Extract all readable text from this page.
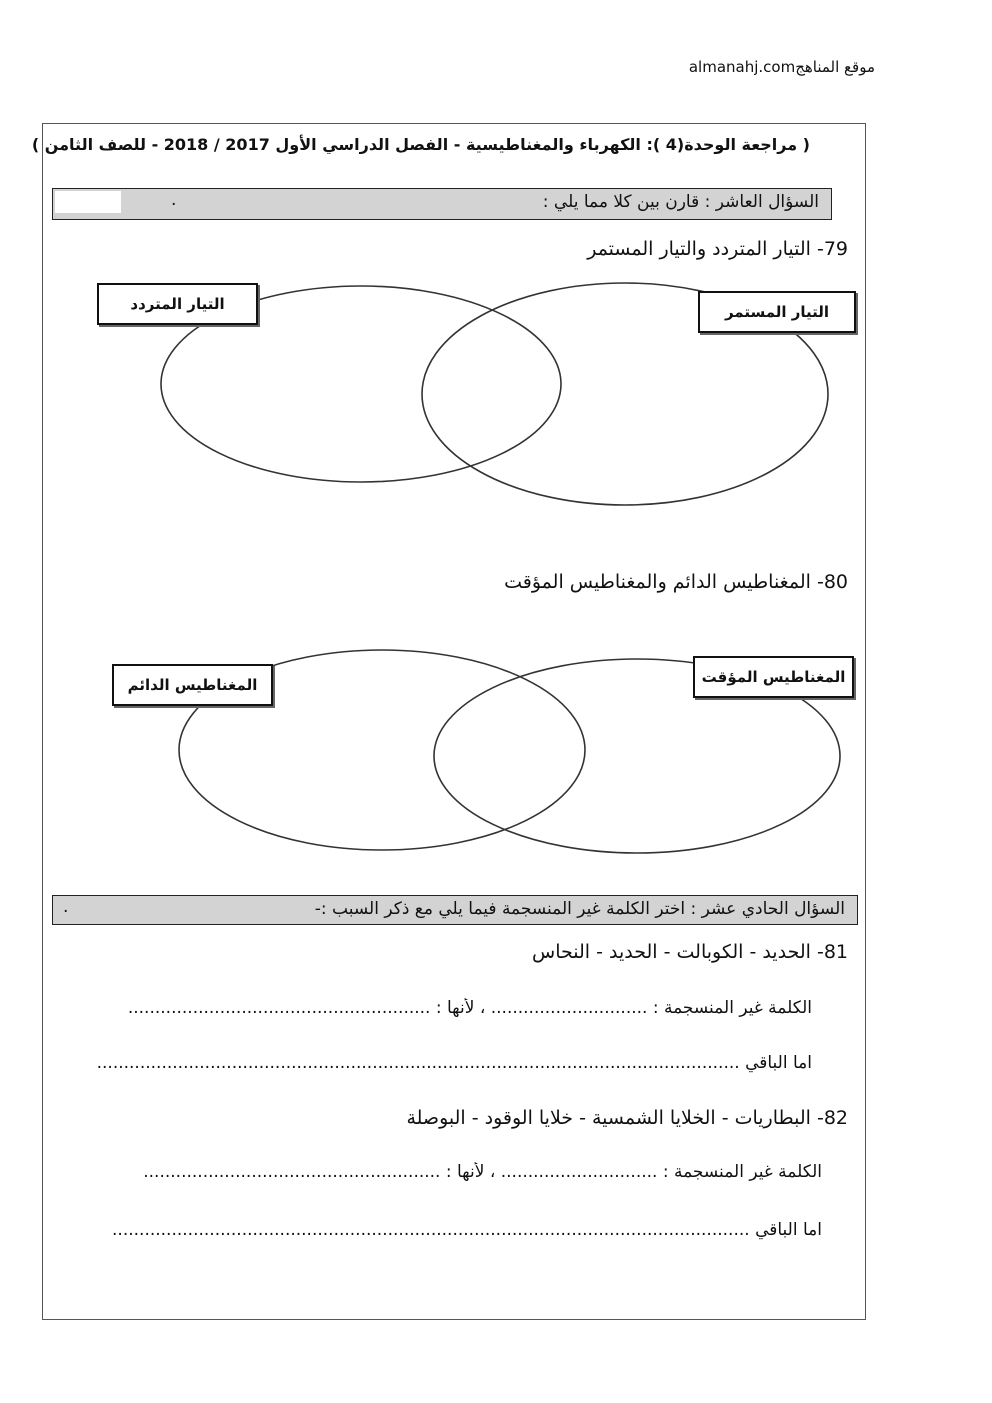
almanahj.comموقع المناهج
( مراجعة الوحدة(4 ): الكهرباء والمغناطيسية - الفصل الدراسي الأول 2017 / 2018 - للصف الثامن )
السؤال العاشر : قارن بين كلا مما يلي :
.
79- التيار المتردد والتيار المستمر
التيار المتردد	التيار المستمر
80- المغناطيس الدائم والمغناطيس المؤقت
المغناطيس الدائم	المغناطيس المؤقت
السؤال الحادي عشر : اختر الكلمة غير المنسجمة فيما يلي مع ذكر السبب :-
.
81- الحديد - الكوبالت - الحديد - النحاس
الكلمة غير المنسجمة : ............................. ، لأنها : ........................................................
اما الباقي .......................................................................................................................
82- البطاريات - الخلايا الشمسية - خلايا الوقود - البوصلة
الكلمة غير المنسجمة : ............................. ، لأنها : .......................................................
اما الباقي ......................................................................................................................
